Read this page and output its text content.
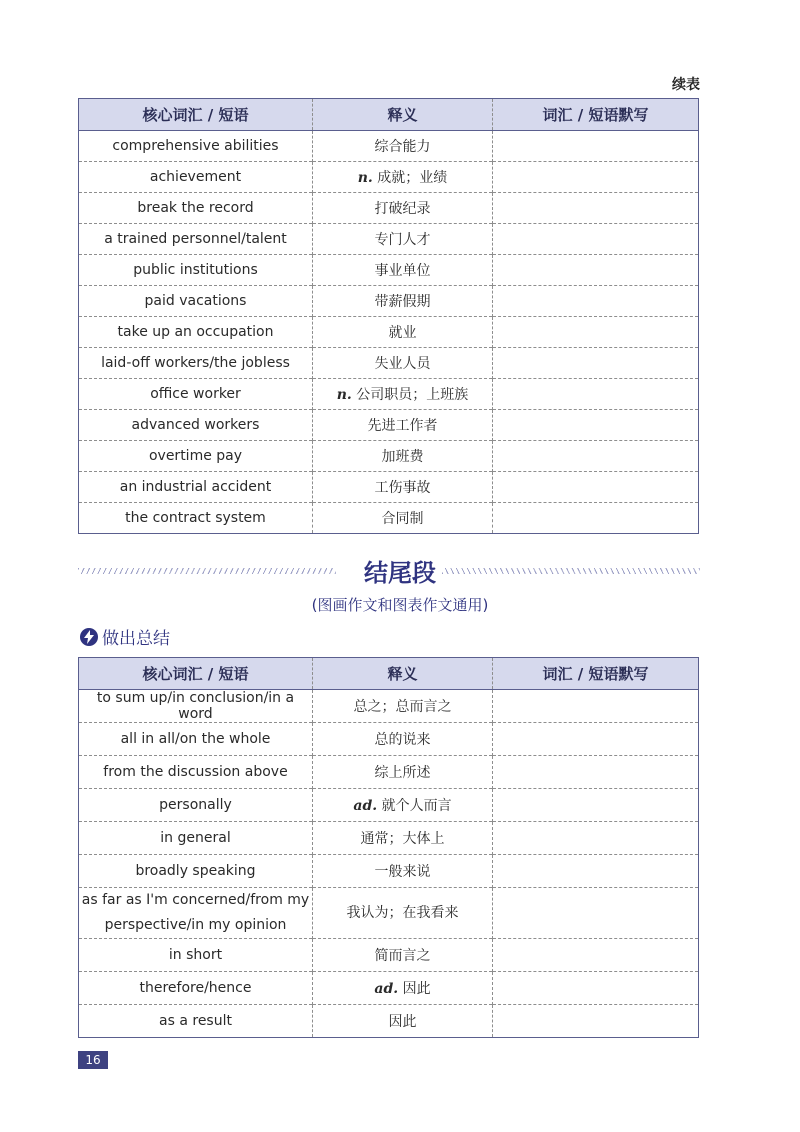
续表
核心词汇 / 短语	释义	词汇 / 短语默写
comprehensive abilities	综合能力	
achievement	n. 成就；业绩	
break the record	打破纪录	
a trained personnel/talent	专门人才	
public institutions	事业单位	
paid vacations	带薪假期	
take up an occupation	就业	
laid-off workers/the jobless	失业人员	
office worker	n. 公司职员；上班族	
advanced workers	先进工作者	
overtime pay	加班费	
an industrial accident	工伤事故	
the contract system	合同制	
结尾段
(图画作文和图表作文通用)
做出总结
核心词汇 / 短语	释义	词汇 / 短语默写
to sum up/in conclusion/in a word	总之；总而言之	
all in all/on the whole	总的说来	
from the discussion above	综上所述	
personally	ad. 就个人而言	
in general	通常；大体上	
broadly speaking	一般来说	
as far as I'm concerned/from my
perspective/in my opinion	我认为；在我看来	
in short	简而言之	
therefore/hence	ad. 因此	
as a result	因此	
16
